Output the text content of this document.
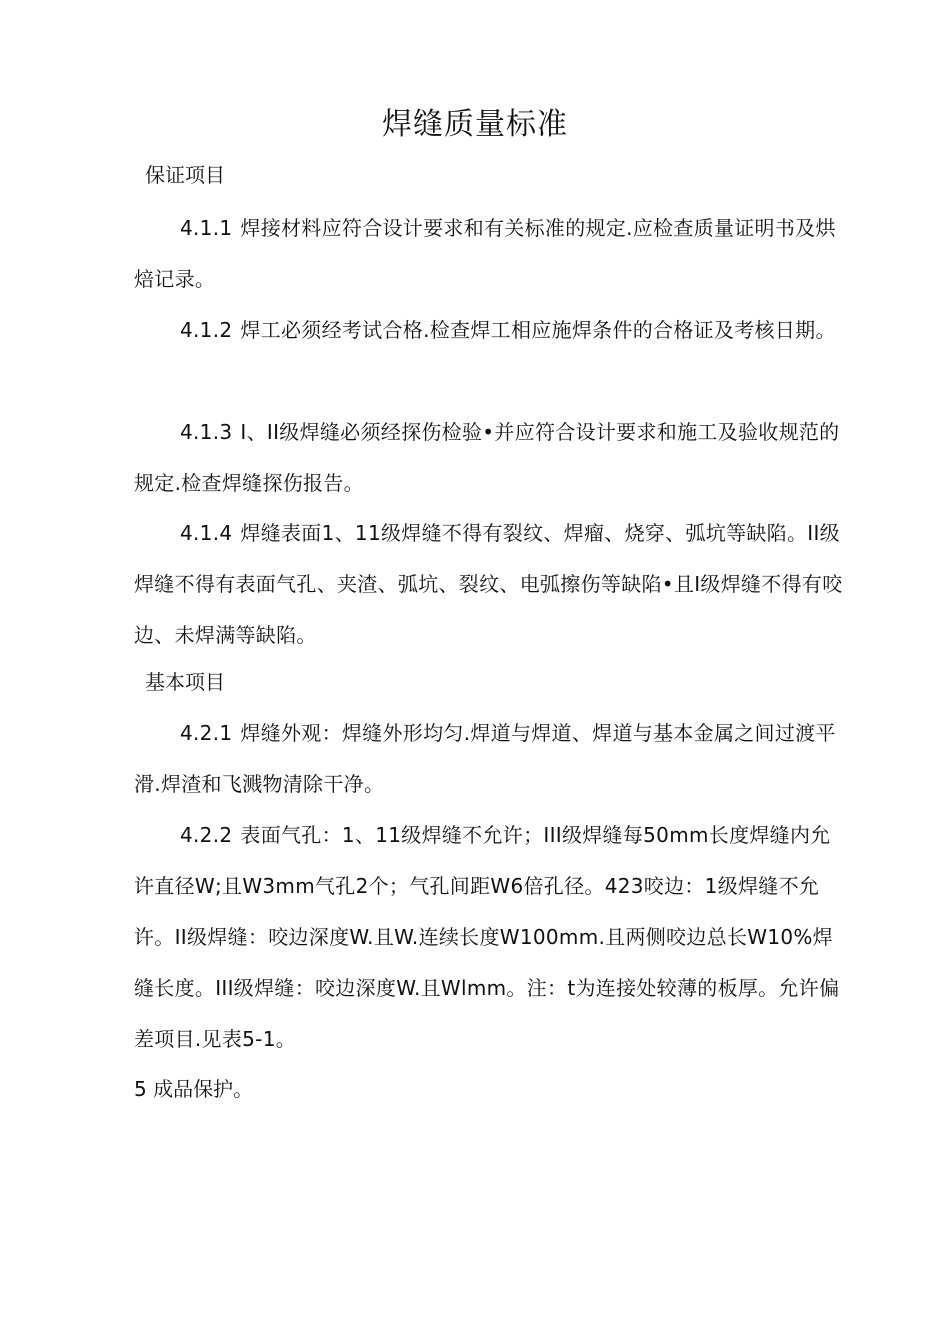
焊缝质量标准

保证项目

4.1.1 焊接材料应符合设计要求和有关标准的规定.应检查质量证明书及烘焙记录。

4.1.2 焊工必须经考试合格.检查焊工相应施焊条件的合格证及考核日期。

4.1.3 I、II级焊缝必须经探伤检验•并应符合设计要求和施工及验收规范的规定.检查焊缝探伤报告。

4.1.4 焊缝表面1、11级焊缝不得有裂纹、焊瘤、烧穿、弧坑等缺陷。II级焊缝不得有表面气孔、夹渣、弧坑、裂纹、电弧擦伤等缺陷•且I级焊缝不得有咬边、未焊满等缺陷。

基本项目

4.2.1 焊缝外观：焊缝外形均匀.焊道与焊道、焊道与基本金属之间过渡平滑.焊渣和飞溅物清除干净。

4.2.2 表面气孔：1、11级焊缝不允许；III级焊缝每50mm长度焊缝内允许直径W;且W3mm气孔2个；气孔间距W6倍孔径。423咬边：1级焊缝不允许。II级焊缝：咬边深度W.且W.连续长度W100mm.且两侧咬边总长W10%焊缝长度。III级焊缝：咬边深度W.且Wlmm。注：t为连接处较薄的板厚。允许偏差项目.见表5-1。

5 成品保护。
